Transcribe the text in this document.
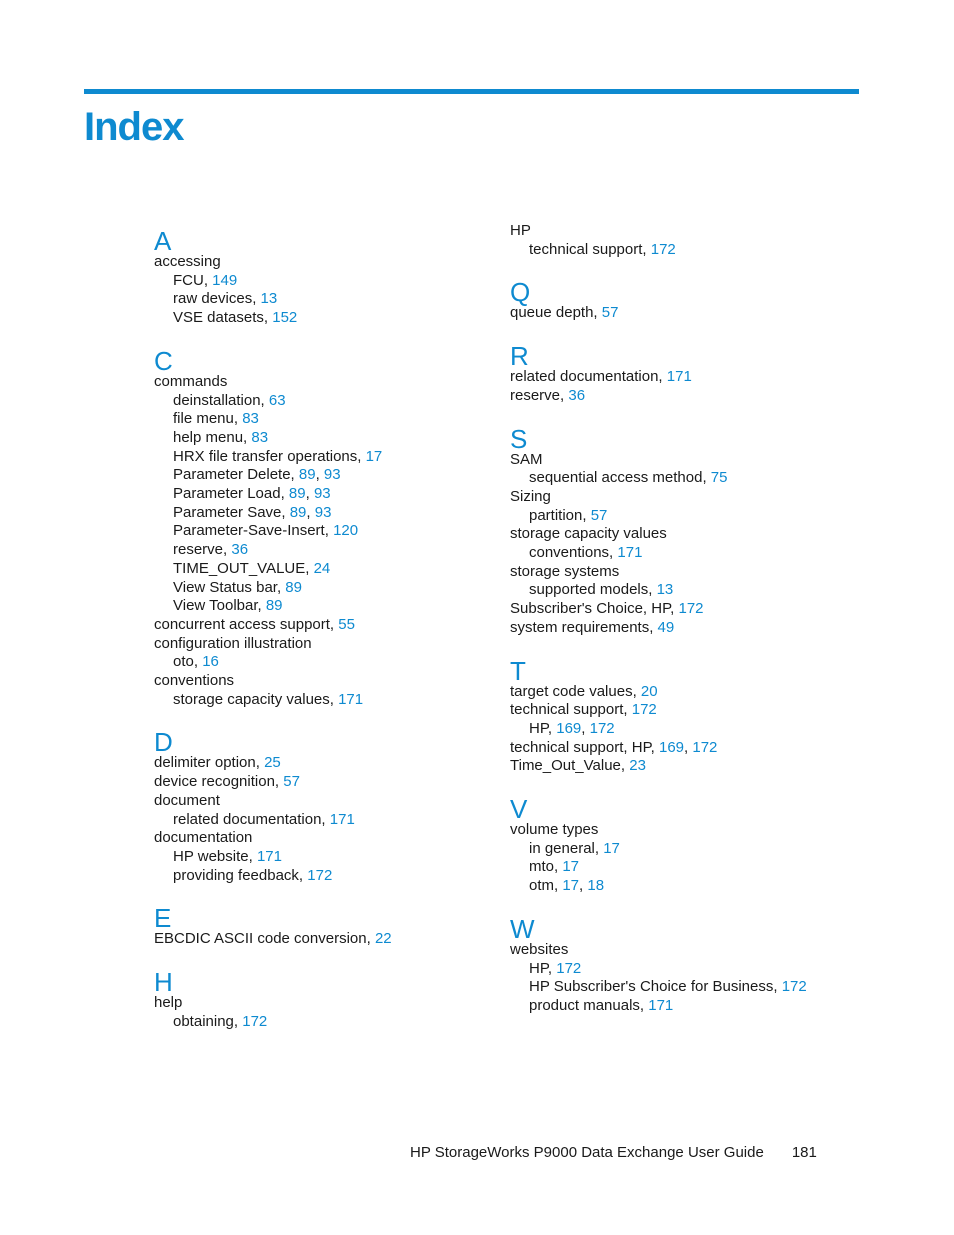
Index
A
accessing
FCU, 149
raw devices, 13
VSE datasets, 152
C
commands
deinstallation, 63
file menu, 83
help menu, 83
HRX file transfer operations, 17
Parameter Delete, 89, 93
Parameter Load, 89, 93
Parameter Save, 89, 93
Parameter-Save-Insert, 120
reserve, 36
TIME_OUT_VALUE, 24
View Status bar, 89
View Toolbar, 89
concurrent access support, 55
configuration illustration
oto, 16
conventions
storage capacity values, 171
D
delimiter option, 25
device recognition, 57
document
related documentation, 171
documentation
HP website, 171
providing feedback, 172
E
EBCDIC ASCII code conversion, 22
H
help
obtaining, 172
HP
technical support, 172
Q
queue depth, 57
R
related documentation, 171
reserve, 36
S
SAM
sequential access method, 75
Sizing
partition, 57
storage capacity values
conventions, 171
storage systems
supported models, 13
Subscriber's Choice, HP, 172
system requirements, 49
T
target code values, 20
technical support, 172
HP, 169, 172
technical support, HP, 169, 172
Time_Out_Value, 23
V
volume types
in general, 17
mto, 17
otm, 17, 18
W
websites
HP, 172
HP Subscriber's Choice for Business, 172
product manuals, 171
HP StorageWorks P9000 Data Exchange User Guide 181
